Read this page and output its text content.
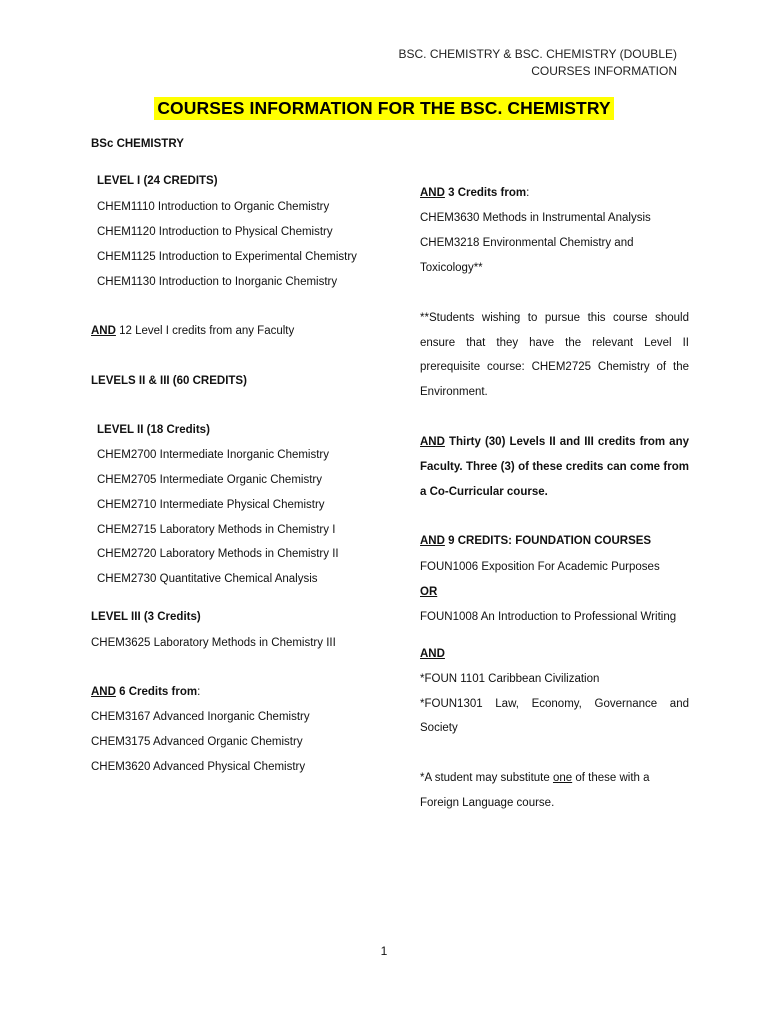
BSC. CHEMISTRY & BSC. CHEMISTRY (DOUBLE)
COURSES INFORMATION
COURSES INFORMATION FOR THE BSC. CHEMISTRY
BSc CHEMISTRY
LEVEL I (24 CREDITS)
CHEM1110 Introduction to Organic Chemistry
CHEM1120 Introduction to Physical Chemistry
CHEM1125 Introduction to Experimental Chemistry
CHEM1130 Introduction to Inorganic Chemistry
AND 12 Level I credits from any Faculty
LEVELS II & III (60 CREDITS)
LEVEL II (18 Credits)
CHEM2700 Intermediate Inorganic Chemistry
CHEM2705 Intermediate Organic Chemistry
CHEM2710 Intermediate Physical Chemistry
CHEM2715 Laboratory Methods in Chemistry I
CHEM2720 Laboratory Methods in Chemistry II
CHEM2730 Quantitative Chemical Analysis
LEVEL III (3 Credits)
CHEM3625 Laboratory Methods in Chemistry III
AND 6 Credits from:
CHEM3167 Advanced Inorganic Chemistry
CHEM3175 Advanced Organic Chemistry
CHEM3620 Advanced Physical Chemistry
AND 3 Credits from:
CHEM3630 Methods in Instrumental Analysis
CHEM3218 Environmental Chemistry and
Toxicology**
**Students wishing to pursue this course should
ensure that they have the relevant Level II
prerequisite course: CHEM2725 Chemistry of the
Environment.
AND Thirty (30) Levels II and III credits from any
Faculty. Three (3) of these credits can come from
a Co-Curricular course.
AND 9 CREDITS: FOUNDATION COURSES
FOUN1006 Exposition For Academic Purposes
OR
FOUN1008 An Introduction to Professional Writing
AND
*FOUN 1101 Caribbean Civilization
*FOUN1301 Law, Economy, Governance and
Society
*A student may substitute one of these with a
Foreign Language course.
1
